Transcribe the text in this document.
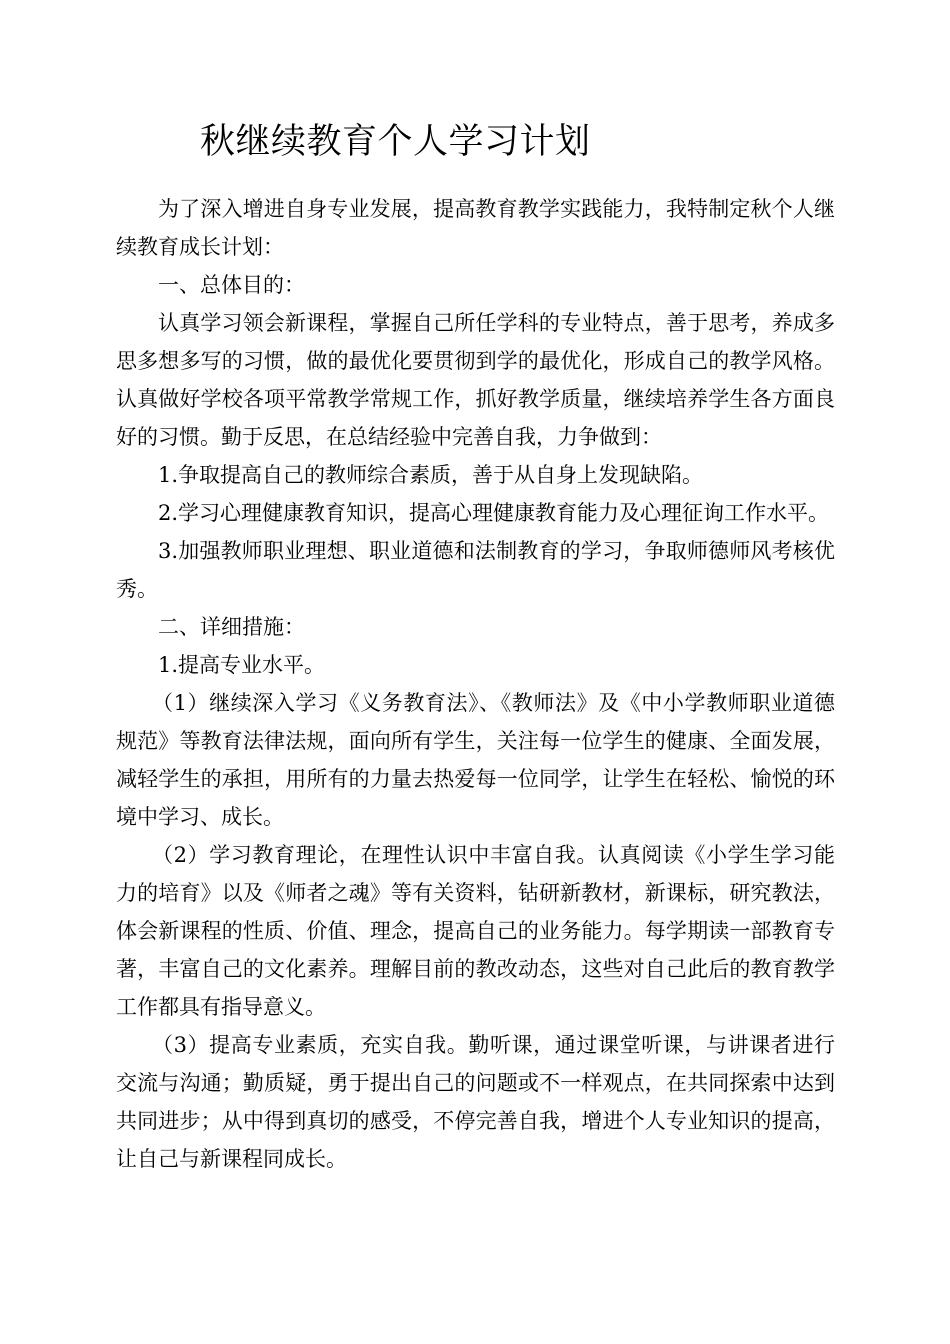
秋继续教育个人学习计划

为了深入增进自身专业发展，提高教育教学实践能力，我特制定秋个人继续教育成长计划：

一、总体目的：

认真学习领会新课程，掌握自己所任学科的专业特点，善于思考，养成多思多想多写的习惯，做的最优化要贯彻到学的最优化，形成自己的教学风格。认真做好学校各项平常教学常规工作，抓好教学质量，继续培养学生各方面良好的习惯。勤于反思，在总结经验中完善自我，力争做到：

1.争取提高自己的教师综合素质，善于从自身上发现缺陷。

2.学习心理健康教育知识，提高心理健康教育能力及心理征询工作水平。

3.加强教师职业理想、职业道德和法制教育的学习，争取师德师风考核优秀。

二、详细措施：

1.提高专业水平。

（1）继续深入学习《义务教育法》、《教师法》及《中小学教师职业道德规范》等教育法律法规，面向所有学生，关注每一位学生的健康、全面发展，减轻学生的承担，用所有的力量去热爱每一位同学，让学生在轻松、愉悦的环境中学习、成长。

（2）学习教育理论，在理性认识中丰富自我。认真阅读《小学生学习能力的培育》以及《师者之魂》等有关资料，钻研新教材，新课标，研究教法，体会新课程的性质、价值、理念，提高自己的业务能力。每学期读一部教育专著，丰富自己的文化素养。理解目前的教改动态，这些对自己此后的教育教学工作都具有指导意义。

（3）提高专业素质，充实自我。勤听课，通过课堂听课，与讲课者进行交流与沟通；勤质疑，勇于提出自己的问题或不一样观点，在共同探索中达到共同进步；从中得到真切的感受，不停完善自我，增进个人专业知识的提高，让自己与新课程同成长。
